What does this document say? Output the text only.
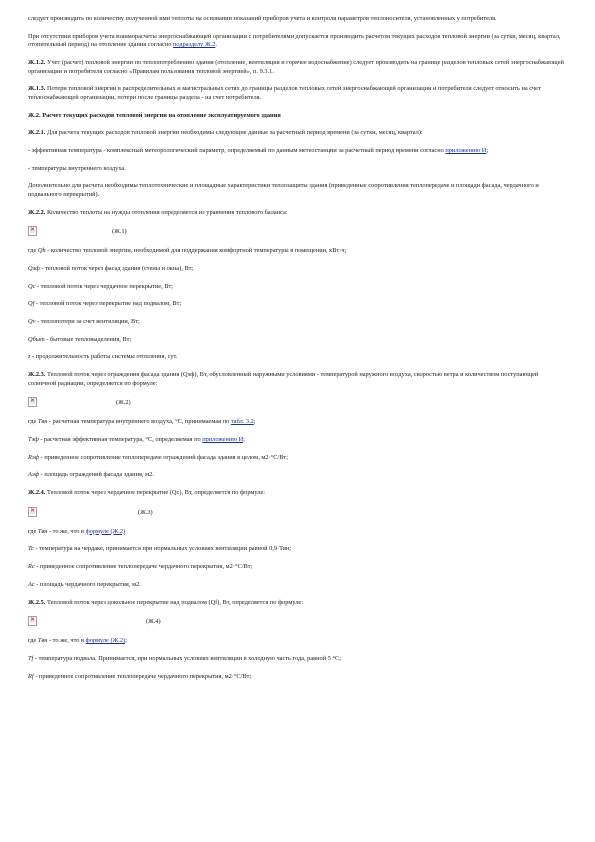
следует производить по количеству полученной ими теплоты на основании показаний приборов учета и контроля параметров теплоносителя, установленных у потребителя.

При отсутствии приборов учета взаиморасчеты энергоснабжающей организации с потребителями допускается производить расчетом текущих расходов тепловой энергии (за сутки, месяц, квартал, отопительный период) на отопление здания согласно подразделу Ж.2.

Ж.1.2. Учет (расчет) тепловой энергии по теплопотреблению здания (отопление, вентиляция и горячее водоснабжение) следует производить на границе разделов тепловых сетей энергоснабжающей организации и потребителя согласно «Правилам пользования тепловой энергией», п. 9.3.1.

Ж.1.3. Потери тепловой энергии в распределительных и магистральных сетях до границы разделов тепловых сетей энергоснабжающей организации и потребителя следует относить на счет теплоснабжающей организации, потери после границы раздела - на счет потребителя.

Ж.2. Расчет текущих расходов тепловой энергии на отопление эксплуатируемого здания

Ж.2.1. Для расчета текущих расходов тепловой энергии необходимы следующие данные за расчетный период времени (за сутки, месяц, квартал):

- эффективная температура - комплексный метеорологический параметр, определяемый по данным метеостанции за расчетный период времени согласно приложению И;

- температуры внутреннего воздуха.

Дополнительно для расчета необходимы теплотехнические и площадные характеристики теплозащиты здания (приведенные сопротивления теплопередаче и площади фасада, чердачного и подвального перекрытий).

Ж.2.2. Количество теплоты на нужды отопления определяется из уравнения теплового баланса:

✕
(Ж.1)

где Qh - количество тепловой энергии, необходимой для поддержания комфортной температуры в помещении, кВт·ч;

Qэф - тепловой поток через фасад здания (стены и окна), Вт;

Qс - тепловой поток через чердачное перекрытие, Вт;

Qf - тепловой поток через перекрытие над подвалом, Вт;

Qv - теплопотери за счет вентиляции, Вт;

Qбыт - бытовые тепловыделения, Вт;

z - продолжительность работы системы отопления, сут.

Ж.2.3. Тепловой поток через ограждения фасада здания (Qэф), Вт, обусловленный наружными условиями - температурой наружного воздуха, скоростью ветра и количеством поступающей солнечной радиации, определяется по формуле:

✕
(Ж.2)

где Tвн - расчетная температура внутреннего воздуха, °С, принимаемая по табл. 3.2;

Tэф - расчетная эффективная температура, °С, определяемая по приложению И;

Rэф - приведенное сопротивление теплопередаче ограждений фасада здания в целом, м2·°С/Вт;

Aэф - площадь ограждений фасада здания, м2.

Ж.2.4. Тепловой поток через чердачное перекрытие (Qc), Вт, определяется по формуле:

✕
(Ж.3)

где Tвн - то же, что в формуле (Ж.2)

Tc - температура на чердаке, принимается при нормальных условиях вентиляции равной 0,9·Tвн;

Rc - приведенное сопротивление теплопередаче чердачного перекрытия, м2·°С/Вт;

Ac - площадь чердачного перекрытия, м2.

Ж.2.5. Тепловой поток через цокольное перекрытие над подвалом (Qf), Вт, определяется по формуле:

✕
(Ж.4)

где Tвн - то же, что в формуле (Ж.2);

Tf - температура подвала. Принимается, при нормальных условиях вентиляции в холодную часть года, равной 5 °С;

Rf - приведенное сопротивление теплопередаче чердачного перекрытия, м2·°С/Вт;
